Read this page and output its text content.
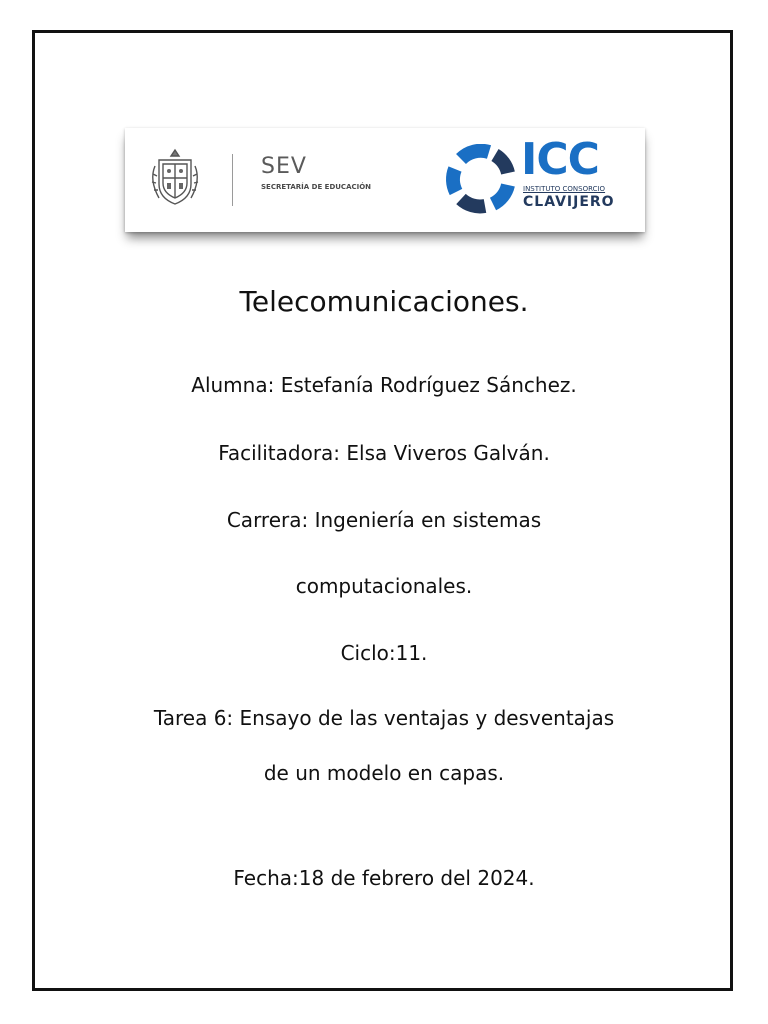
SEV
SECRETARÍA DE EDUCACIÓN
ICC
INSTITUTO CONSORCIO
CLAVIJERO
Telecomunicaciones.
Alumna: Estefanía Rodríguez Sánchez.
Facilitadora: Elsa Viveros Galván.
Carrera: Ingeniería en sistemas
computacionales.
Ciclo:11.
Tarea 6: Ensayo de las ventajas y desventajas
de un modelo en capas.
Fecha:18 de febrero del 2024.
